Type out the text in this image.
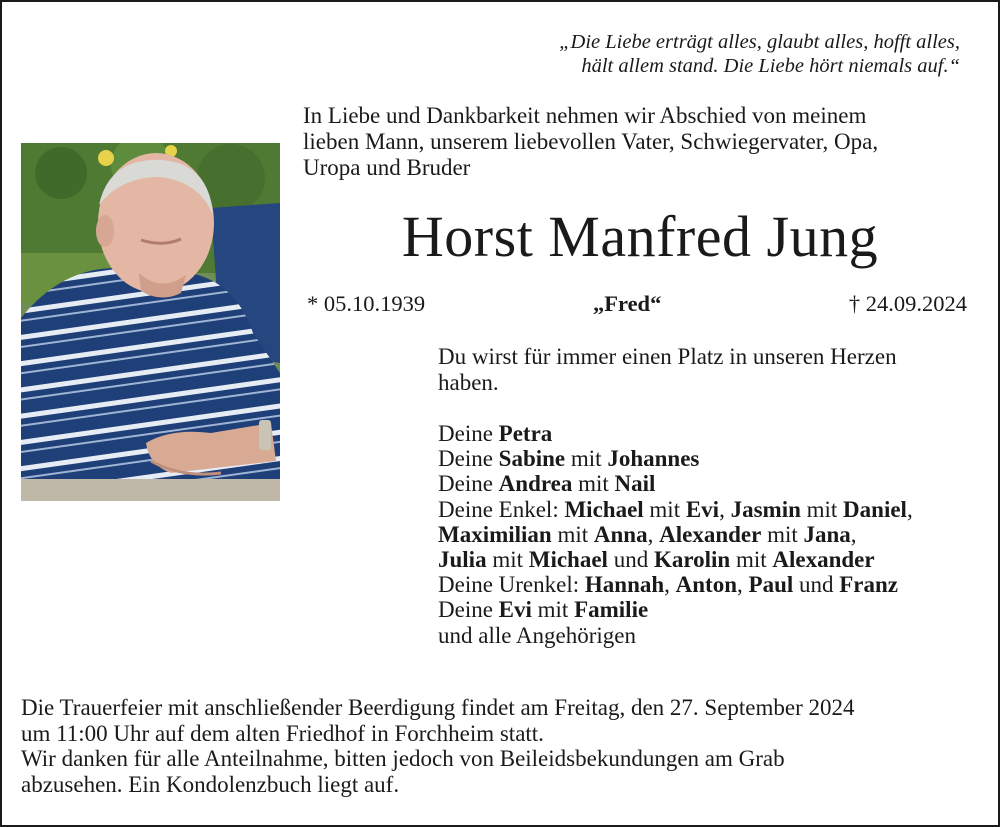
„Die Liebe erträgt alles, glaubt alles, hofft alles,
hält allem stand. Die Liebe hört niemals auf.“
In Liebe und Dankbarkeit nehmen wir Abschied von meinem
lieben Mann, unserem liebevollen Vater, Schwiegervater, Opa,
Uropa und Bruder
Horst Manfred Jung
* 05.10.1939	„Fred“	† 24.09.2024
Du wirst für immer einen Platz in unseren Herzen
haben.
Deine Petra
Deine Sabine mit Johannes
Deine Andrea mit Nail
Deine Enkel: Michael mit Evi, Jasmin mit Daniel,
Maximilian mit Anna, Alexander mit Jana,
Julia mit Michael und Karolin mit Alexander
Deine Urenkel: Hannah, Anton, Paul und Franz
Deine Evi mit Familie
und alle Angehörigen
Die Trauerfeier mit anschließender Beerdigung findet am Freitag, den 27. September 2024
um 11:00 Uhr auf dem alten Friedhof in Forchheim statt.
Wir danken für alle Anteilnahme, bitten jedoch von Beileidsbekundungen am Grab
abzusehen. Ein Kondolenzbuch liegt auf.
